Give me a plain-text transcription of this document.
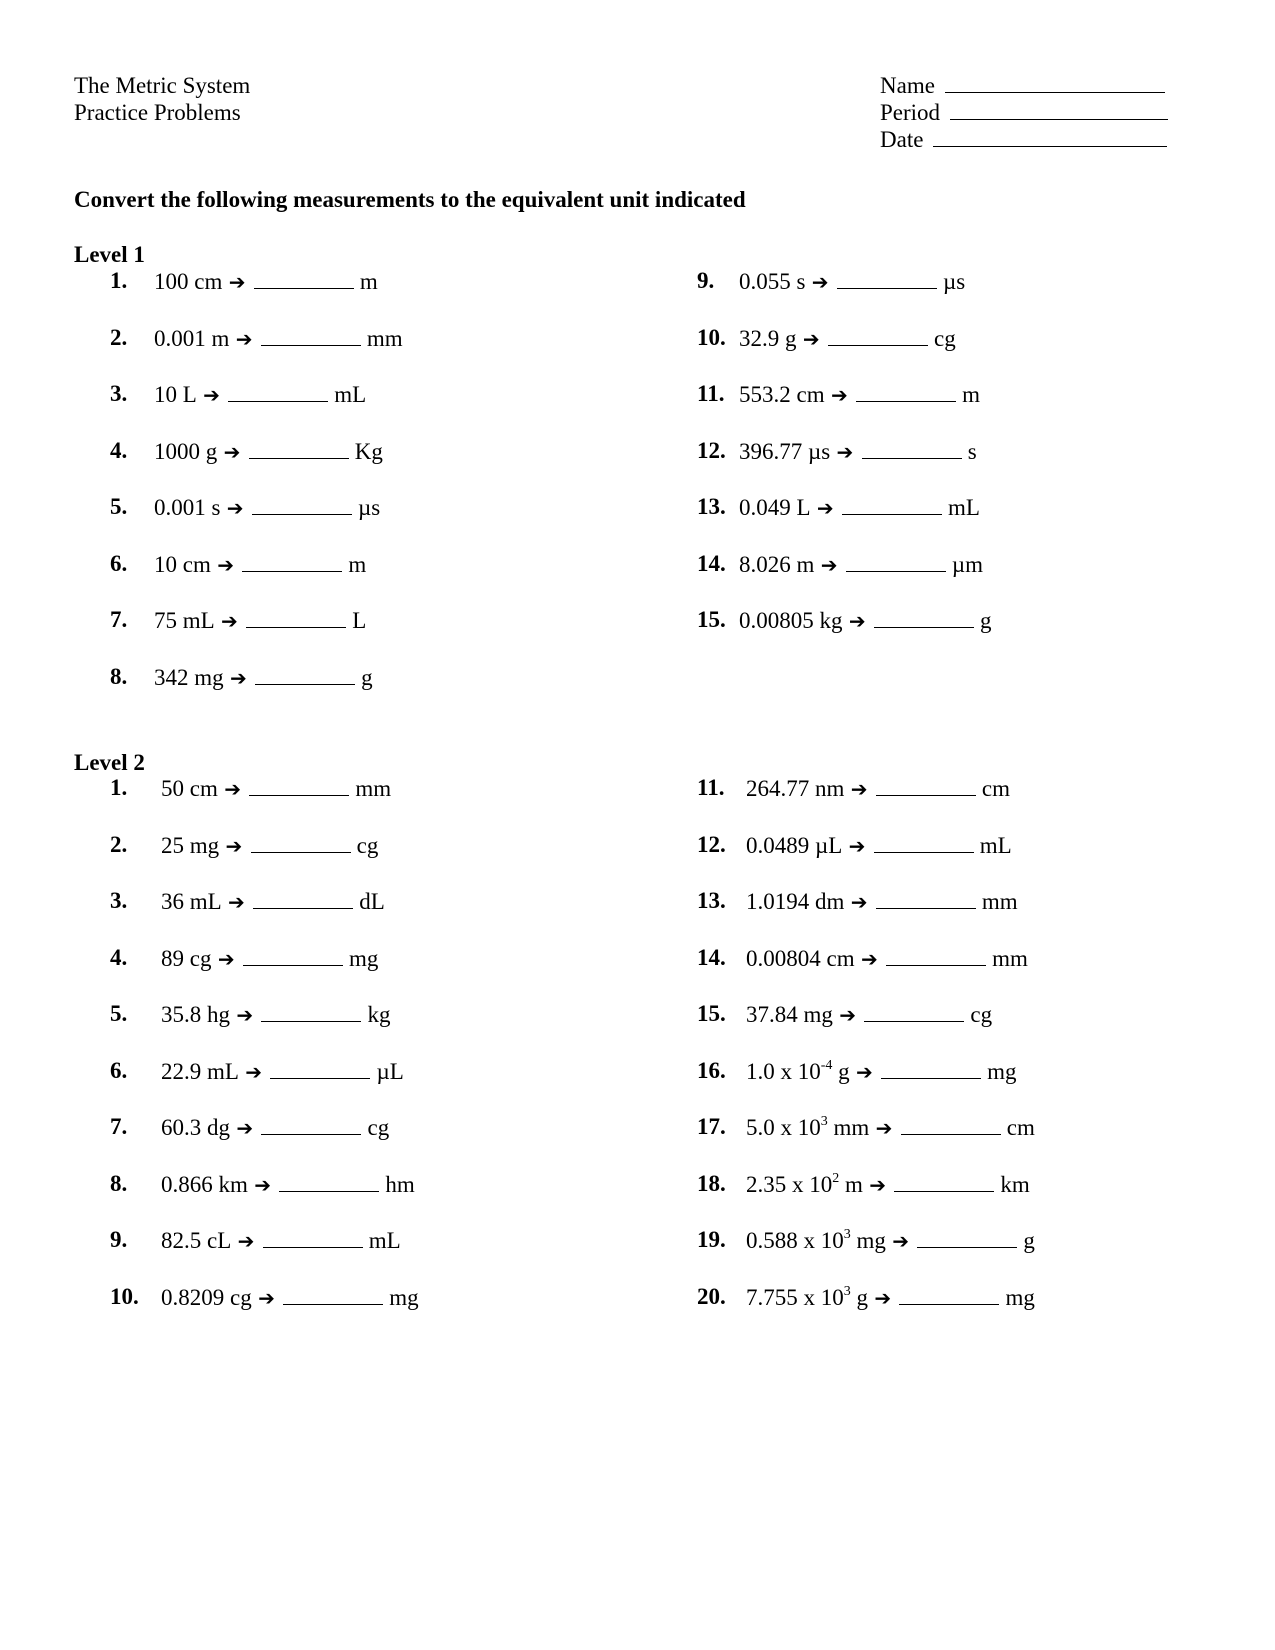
The Metric System
Practice Problems
Name
Period
Date
Convert the following measurements to the equivalent unit indicated
Level 1
Level 2
1. 100 cm ➔	m
2. 0.001 m ➔	mm
3. 10 L ➔	mL
4. 1000 g ➔	Kg
5. 0.001 s ➔	µs
6. 10 cm ➔	m
7. 75 mL ➔	L
8. 342 mg ➔	g
9. 0.055 s ➔	µs
10. 32.9 g ➔	cg
11. 553.2 cm ➔	m
12. 396.77 µs ➔	s
13. 0.049 L ➔	mL
14. 8.026 m ➔	µm
15. 0.00805 kg ➔	g
1. 50 cm ➔	mm
2. 25 mg ➔	cg
3. 36 mL ➔	dL
4. 89 cg ➔	mg
5. 35.8 hg ➔	kg
6. 22.9 mL ➔	µL
7. 60.3 dg ➔	cg
8. 0.866 km ➔	hm
9. 82.5 cL ➔	mL
10. 0.8209 cg ➔	mg
11. 264.77 nm ➔	cm
12. 0.0489 µL ➔	mL
13. 1.0194 dm ➔	mm
14. 0.00804 cm ➔	mm
15. 37.84 mg ➔	cg
16. 1.0 x $10^{-4}$ g ➔	mg
17. 5.0 x $10^3$ mm ➔	cm
18. 2.35 x $10^2$ m ➔	km
19. 0.588 x $10^3$ mg ➔	g
20. 7.755 x $10^3$ g ➔	mg
